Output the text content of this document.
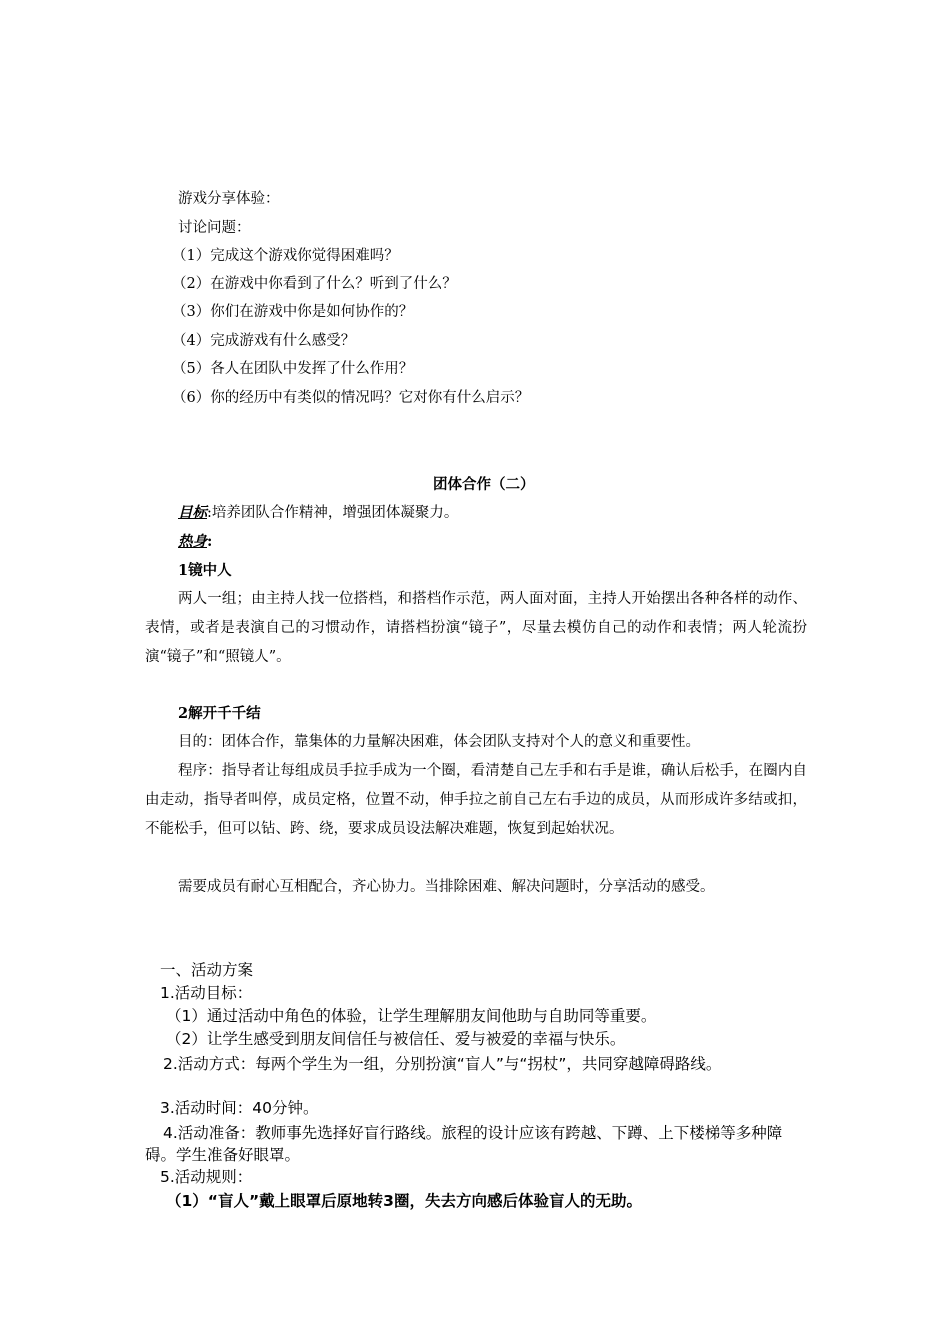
游戏分享体验：
讨论问题：
（1）完成这个游戏你觉得困难吗？
（2）在游戏中你看到了什么？听到了什么？
（3）你们在游戏中你是如何协作的？
（4）完成游戏有什么感受？
（5）各人在团队中发挥了什么作用？
（6）你的经历中有类似的情况吗？它对你有什么启示？
团体合作（二）
目标:培养团队合作精神，增强团体凝聚力。
热身:
1镜中人
两人一组；由主持人找一位搭档，和搭档作示范，两人面对面，主持人开始摆出各种各样的动作、表情，或者是表演自己的习惯动作，请搭档扮演“镜子”，尽量去模仿自己的动作和表情；两人轮流扮演“镜子”和“照镜人”。
2解开千千结
目的：团体合作，靠集体的力量解决困难，体会团队支持对个人的意义和重要性。
程序：指导者让每组成员手拉手成为一个圈，看清楚自己左手和右手是谁，确认后松手，在圈内自由走动，指导者叫停，成员定格，位置不动，伸手拉之前自己左右手边的成员，从而形成许多结或扣，不能松手，但可以钻、跨、绕，要求成员设法解决难题，恢复到起始状况。
需要成员有耐心互相配合，齐心协力。当排除困难、解决问题时，分享活动的感受。
一、活动方案
1.活动目标：
（1）通过活动中角色的体验，让学生理解朋友间他助与自助同等重要。
（2）让学生感受到朋友间信任与被信任、爱与被爱的幸福与快乐。
2.活动方式：每两个学生为一组，分别扮演“盲人”与“拐杖”，共同穿越障碍路线。
3.活动时间：40分钟。
4.活动准备：教师事先选择好盲行路线。旅程的设计应该有跨越、下蹲、上下楼梯等多种障碍。学生准备好眼罩。
5.活动规则：
（1）“盲人”戴上眼罩后原地转3圈，失去方向感后体验盲人的无助。
